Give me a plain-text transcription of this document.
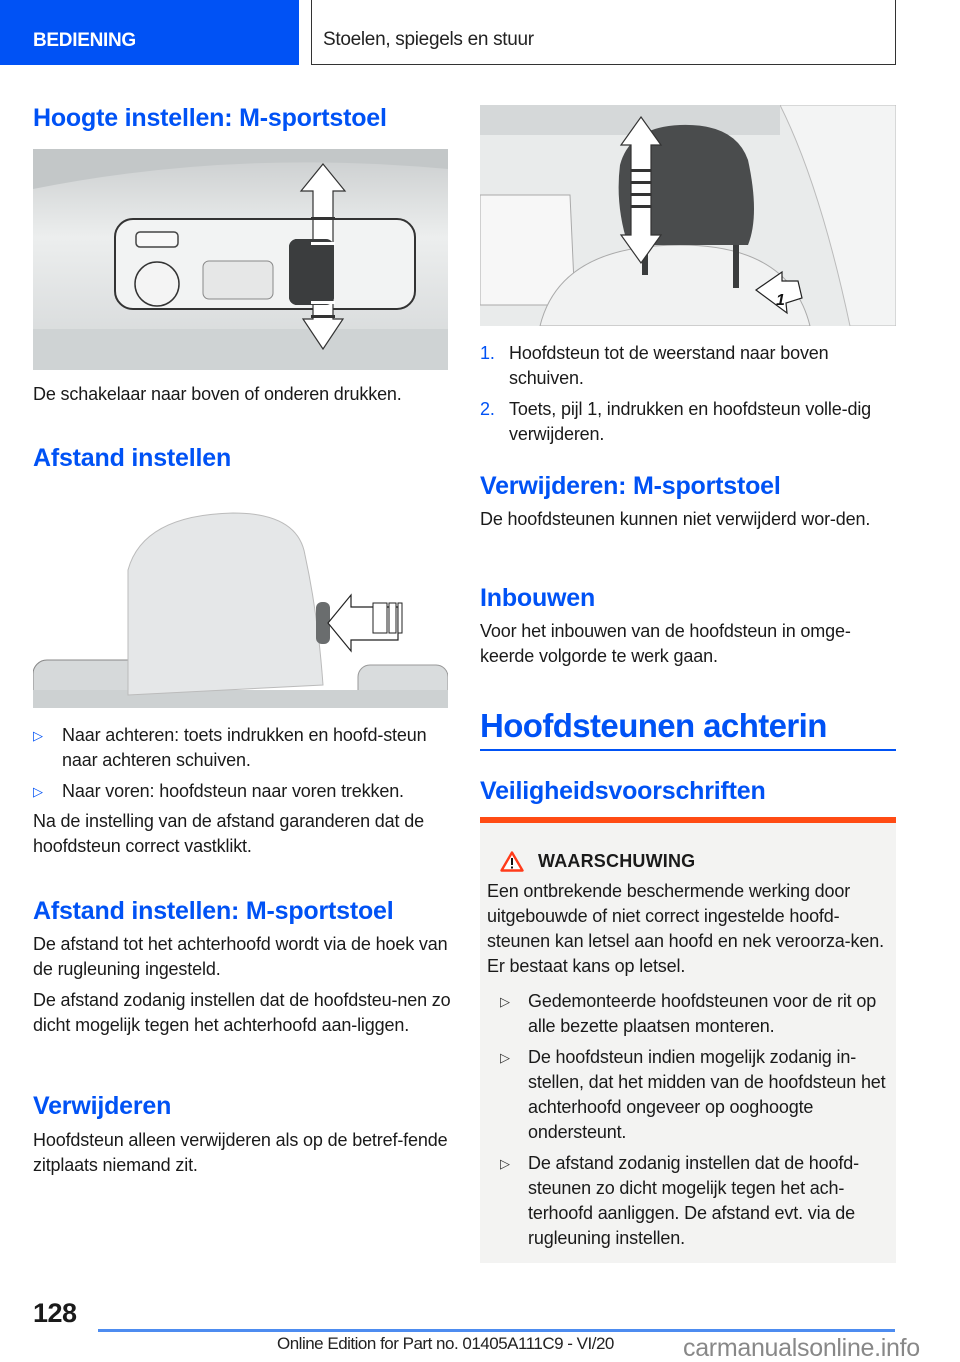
BEDIENING	Stoelen, spiegels en stuur
Hoogte instellen: M-sportstoel
De schakelaar naar boven of onderen drukken.
Afstand instellen
▷ Naar achteren: toets indrukken en hoofd-steun naar achteren schuiven.
▷ Naar voren: hoofdsteun naar voren trekken.
Na de instelling van de afstand garanderen dat de hoofdsteun correct vastklikt.
Afstand instellen: M-sportstoel
De afstand tot het achterhoofd wordt via de hoek van de rugleuning ingesteld.
De afstand zodanig instellen dat de hoofdsteu-nen zo dicht mogelijk tegen het achterhoofd aan-liggen.
Verwijderen
Hoofdsteun alleen verwijderen als op de betref-fende zitplaats niemand zit.
1
1. Hoofdsteun tot de weerstand naar boven schuiven.
2. Toets, pijl 1, indrukken en hoofdsteun volle-dig verwijderen.
Verwijderen: M-sportstoel
De hoofdsteunen kunnen niet verwijderd wor-den.
Inbouwen
Voor het inbouwen van de hoofdsteun in omge-keerde volgorde te werk gaan.
Hoofdsteunen achterin
Veiligheidsvoorschriften
WAARSCHUWING
Een ontbrekende beschermende werking door uitgebouwde of niet correct ingestelde hoofd-steunen kan letsel aan hoofd en nek veroorza-ken. Er bestaat kans op letsel.
▷ Gedemonteerde hoofdsteunen voor de rit op alle bezette plaatsen monteren.
▷ De hoofdsteun indien mogelijk zodanig in-stellen, dat het midden van de hoofdsteun het achterhoofd ongeveer op ooghoogte ondersteunt.
▷ De afstand zodanig instellen dat de hoofd-steunen zo dicht mogelijk tegen het ach-terhoofd aanliggen. De afstand evt. via de rugleuning instellen.
128
Online Edition for Part no. 01405A111C9 - VI/20	carmanualsonline.info
